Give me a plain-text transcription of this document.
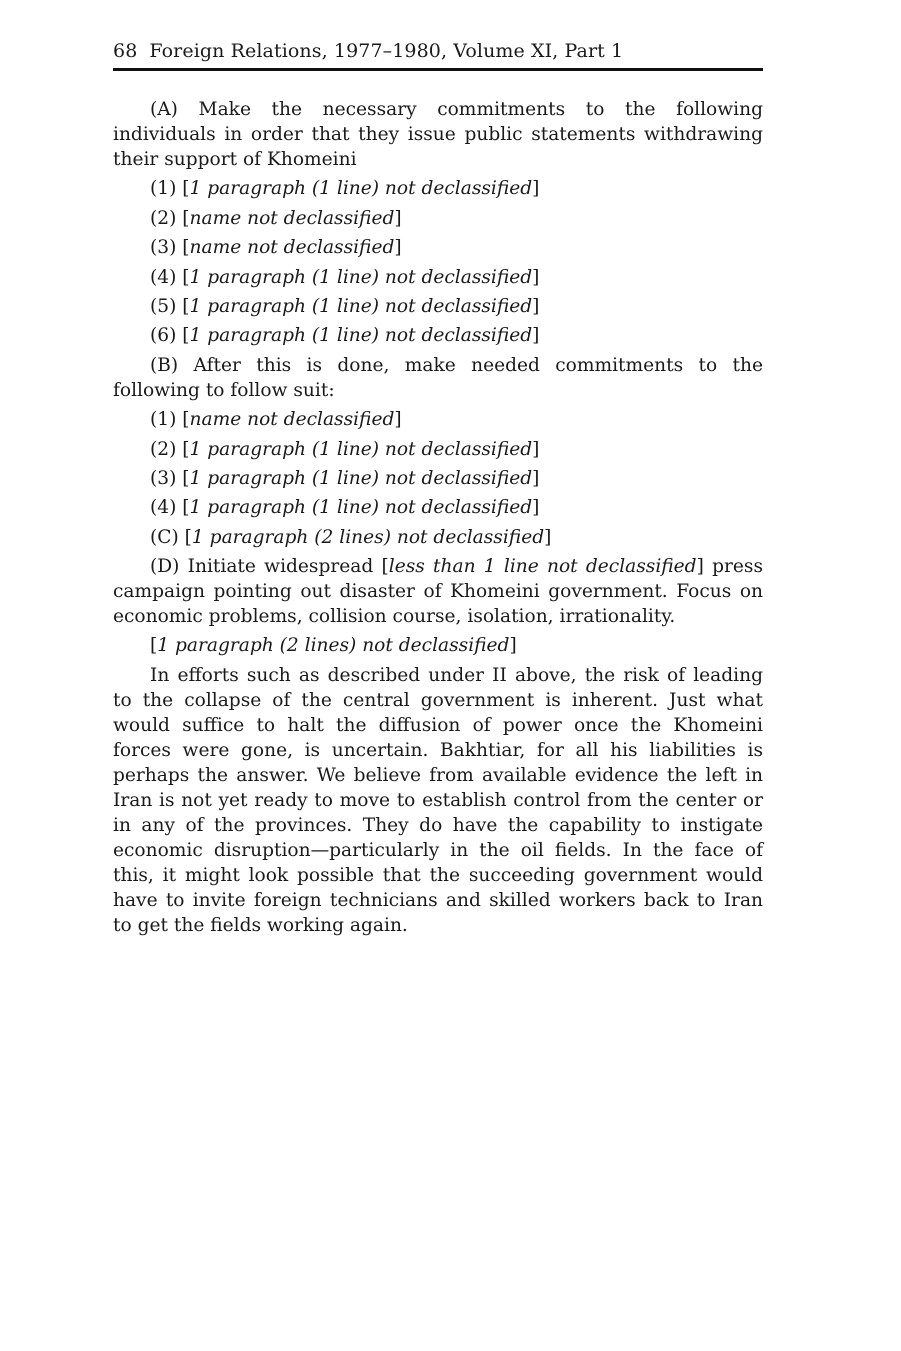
68 Foreign Relations, 1977–1980, Volume XI, Part 1

(A) Make the necessary commitments to the following individuals in order that they issue public statements withdrawing their support of Khomeini

(1) [1 paragraph (1 line) not declassified]

(2) [name not declassified]

(3) [name not declassified]

(4) [1 paragraph (1 line) not declassified]

(5) [1 paragraph (1 line) not declassified]

(6) [1 paragraph (1 line) not declassified]

(B) After this is done, make needed commitments to the following to follow suit:

(1) [name not declassified]

(2) [1 paragraph (1 line) not declassified]

(3) [1 paragraph (1 line) not declassified]

(4) [1 paragraph (1 line) not declassified]

(C) [1 paragraph (2 lines) not declassified]

(D) Initiate widespread [less than 1 line not declassified] press campaign pointing out disaster of Khomeini government. Focus on economic problems, collision course, isolation, irrationality.

[1 paragraph (2 lines) not declassified]

In efforts such as described under II above, the risk of leading to the collapse of the central government is inherent. Just what would suffice to halt the diffusion of power once the Khomeini forces were gone, is uncertain. Bakhtiar, for all his liabilities is perhaps the answer. We believe from available evidence the left in Iran is not yet ready to move to establish control from the center or in any of the provinces. They do have the capability to instigate economic disruption—particularly in the oil fields. In the face of this, it might look possible that the succeeding government would have to invite foreign technicians and skilled workers back to Iran to get the fields working again.
